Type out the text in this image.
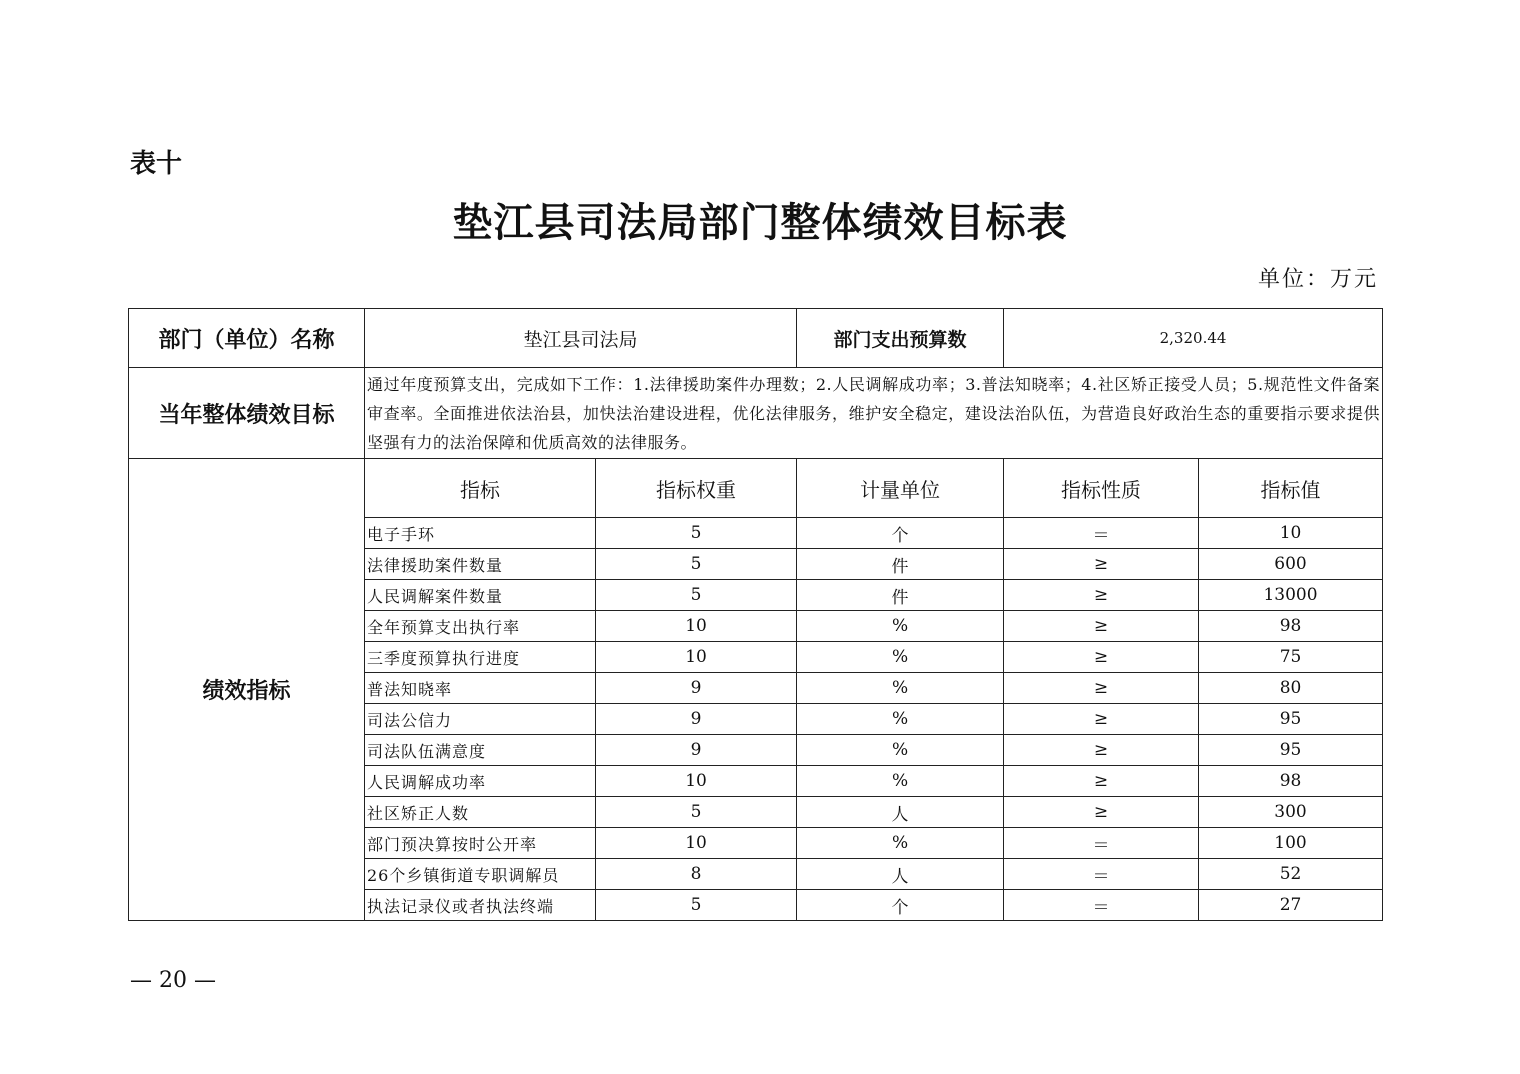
表十
垫江县司法局部门整体绩效目标表
单位：万元
部门（单位）名称	垫江县司法局		部门支出预算数	2,320.44	
当年整体绩效目标	通过年度预算支出，完成如下工作：1.法律援助案件办理数；2.人民调解成功率；3.普法知晓率；4.社区矫正接受人员；5.规范性文件备案审查率。全面推进依法治县，加快法治建设进程，优化法律服务，维护安全稳定，建设法治队伍，为营造良好政治生态的重要指示要求提供坚强有力的法治保障和优质高效的法律服务。				
绩效指标	指标	指标权重	计量单位	指标性质	指标值
	电子手环	5	个	＝	10
	法律援助案件数量	5	件	≥	600
	人民调解案件数量	5	件	≥	13000
	全年预算支出执行率	10	%	≥	98
	三季度预算执行进度	10	%	≥	75
	普法知晓率	9	%	≥	80
	司法公信力	9	%	≥	95
	司法队伍满意度	9	%	≥	95
	人民调解成功率	10	%	≥	98
	社区矫正人数	5	人	≥	300
	部门预决算按时公开率	10	%	＝	100
	26个乡镇街道专职调解员	8	人	＝	52
	执法记录仪或者执法终端	5	个	＝	27
— 20 —
